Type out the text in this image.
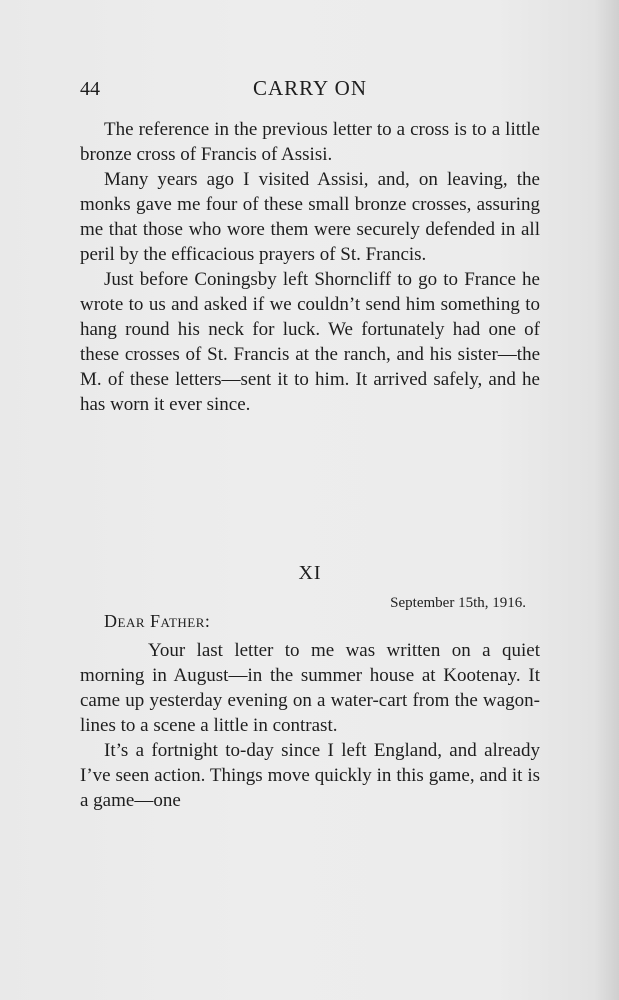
44	CARRY ON

The reference in the previous letter to a cross is to a little bronze cross of Francis of Assisi.

Many years ago I visited Assisi, and, on leaving, the monks gave me four of these small bronze crosses, assuring me that those who wore them were securely defended in all peril by the efficacious prayers of St. Francis.

Just before Coningsby left Shorncliff to go to France he wrote to us and asked if we couldn’t send him something to hang round his neck for luck. We fortunately had one of these crosses of St. Francis at the ranch, and his sister—the M. of these letters—sent it to him. It arrived safely, and he has worn it ever since.

XI
September 15th, 1916.
Dear Father:

Your last letter to me was written on a quiet morning in August—in the summer house at Kootenay. It came up yesterday evening on a water-cart from the wagon-lines to a scene a little in contrast.

It’s a fortnight to-day since I left England, and already I’ve seen action. Things move quickly in this game, and it is a game—one
